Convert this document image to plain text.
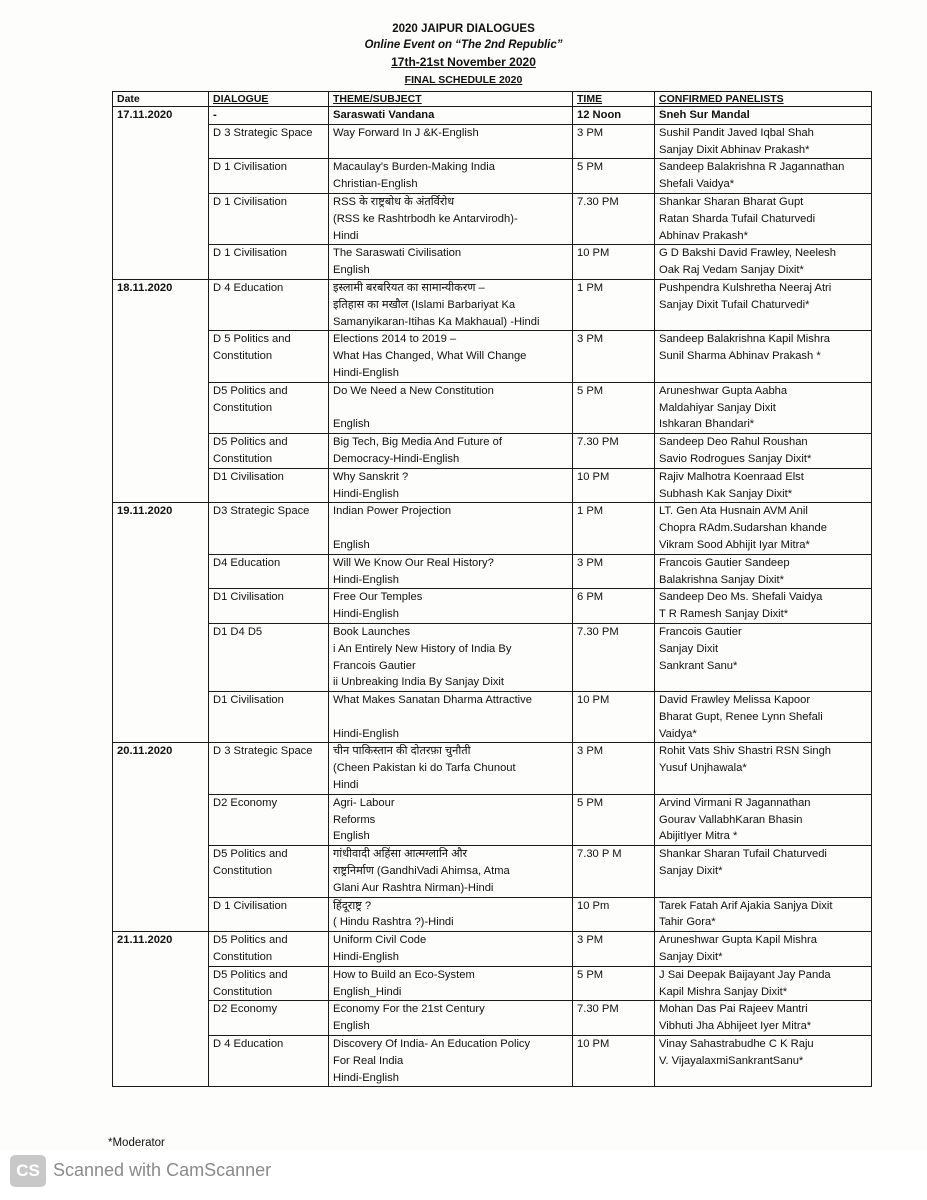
2020 JAIPUR DIALOGUES
Online Event on “The 2nd Republic”
17th-21st November 2020
FINAL SCHEDULE 2020
Date	DIALOGUE	THEME/SUBJECT	TIME	CONFIRMED PANELISTS
17.11.2020	-	Saraswati Vandana	12 Noon	Sneh Sur Mandal

	D 3 Strategic Space	Way Forward In J &K-English	3 PM	Sushil Pandit Javed Iqbal Shah
Sanjay Dixit Abhinav Prakash*

	D 1 Civilisation	Macaulay's Burden-Making India
Christian-English	5 PM	Sandeep Balakrishna R Jagannathan
Shefali Vaidya*

	D 1 Civilisation	RSS के राष्ट्रबोध के अंतर्विरोध
(RSS ke Rashtrbodh ke Antarvirodh)-
Hindi	7.30 PM	Shankar Sharan Bharat Gupt
Ratan Sharda Tufail Chaturvedi
Abhinav Prakash*

	D 1 Civilisation	The Saraswati Civilisation
English	10 PM	G D Bakshi David Frawley, Neelesh
Oak Raj Vedam Sanjay Dixit*

18.11.2020	D 4 Education	इस्लामी बरबरियत का सामान्यीकरण –
इतिहास का मखौल (Islami Barbariyat Ka
Samanyikaran-Itihas Ka Makhaual) -Hindi	1 PM	Pushpendra Kulshretha Neeraj Atri
Sanjay Dixit Tufail Chaturvedi*

	D 5 Politics and
Constitution	Elections 2014 to 2019 –
What Has Changed, What Will Change
Hindi-English	3 PM	Sandeep Balakrishna Kapil Mishra
Sunil Sharma Abhinav Prakash *

	D5 Politics and
Constitution	Do We Need a New Constitution

English	5 PM	Aruneshwar Gupta Aabha
Maldahiyar Sanjay Dixit
Ishkaran Bhandari*

	D5 Politics and
Constitution	Big Tech, Big Media And Future of
Democracy-Hindi-English	7.30 PM	Sandeep Deo Rahul Roushan
Savio Rodrogues Sanjay Dixit*

	D1 Civilisation	Why Sanskrit ?
Hindi-English	10 PM	Rajiv Malhotra Koenraad Elst
Subhash Kak Sanjay Dixit*

19.11.2020	D3 Strategic Space	Indian Power Projection

English	1 PM	LT. Gen Ata Husnain AVM Anil
Chopra RAdm.Sudarshan khande
Vikram Sood Abhijit Iyar Mitra*

	D4 Education	Will We Know Our Real History?
Hindi-English	3 PM	Francois Gautier Sandeep
Balakrishna Sanjay Dixit*

	D1 Civilisation	Free Our Temples
Hindi-English	6 PM	Sandeep Deo Ms. Shefali Vaidya
T R Ramesh Sanjay Dixit*

	D1 D4 D5	Book Launches
i An Entirely New History of India By
Francois Gautier
ii Unbreaking India By Sanjay Dixit	7.30 PM	Francois Gautier
Sanjay Dixit
Sankrant Sanu*

	D1 Civilisation	What Makes Sanatan Dharma Attractive

Hindi-English	10 PM	David Frawley Melissa Kapoor
Bharat Gupt, Renee Lynn Shefali
Vaidya*

20.11.2020	D 3 Strategic Space	चीन पाकिस्तान की दोतरफ़ा चुनौती
(Cheen Pakistan ki do Tarfa Chunout
Hindi	3 PM	Rohit Vats Shiv Shastri RSN Singh
Yusuf Unjhawala*

	D2 Economy	Agri- Labour
Reforms
English	5 PM	Arvind Virmani R Jagannathan
Gourav VallabhKaran Bhasin
AbijitIyer Mitra *

	D5 Politics and
Constitution	गांधीवादी अहिंसा आत्मग्लानि और
राष्ट्रनिर्माण (GandhiVadi Ahimsa, Atma
Glani Aur Rashtra Nirman)-Hindi	7.30 P M	Shankar Sharan Tufail Chaturvedi
Sanjay Dixit*

	D 1 Civilisation	हिंदूराष्ट्र ?
( Hindu Rashtra ?)-Hindi	10 Pm	Tarek Fatah Arif Ajakia Sanjya Dixit
Tahir Gora*

21.11.2020	D5 Politics and
Constitution	Uniform Civil Code
Hindi-English	3 PM	Aruneshwar Gupta Kapil Mishra
Sanjay Dixit*

	D5 Politics and
Constitution	How to Build an Eco-System
English_Hindi	5 PM	J Sai Deepak Baijayant Jay Panda
Kapil Mishra Sanjay Dixit*

	D2 Economy	Economy For the 21st Century
English	7.30 PM	Mohan Das Pai Rajeev Mantri
Vibhuti Jha Abhijeet Iyer Mitra*

	D 4 Education	Discovery Of India- An Education Policy
For Real India
Hindi-English	10 PM	Vinay Sahastrabudhe C K Raju
V. VijayalaxmiSankrantSanu*
*Moderator
CS Scanned with CamScanner
